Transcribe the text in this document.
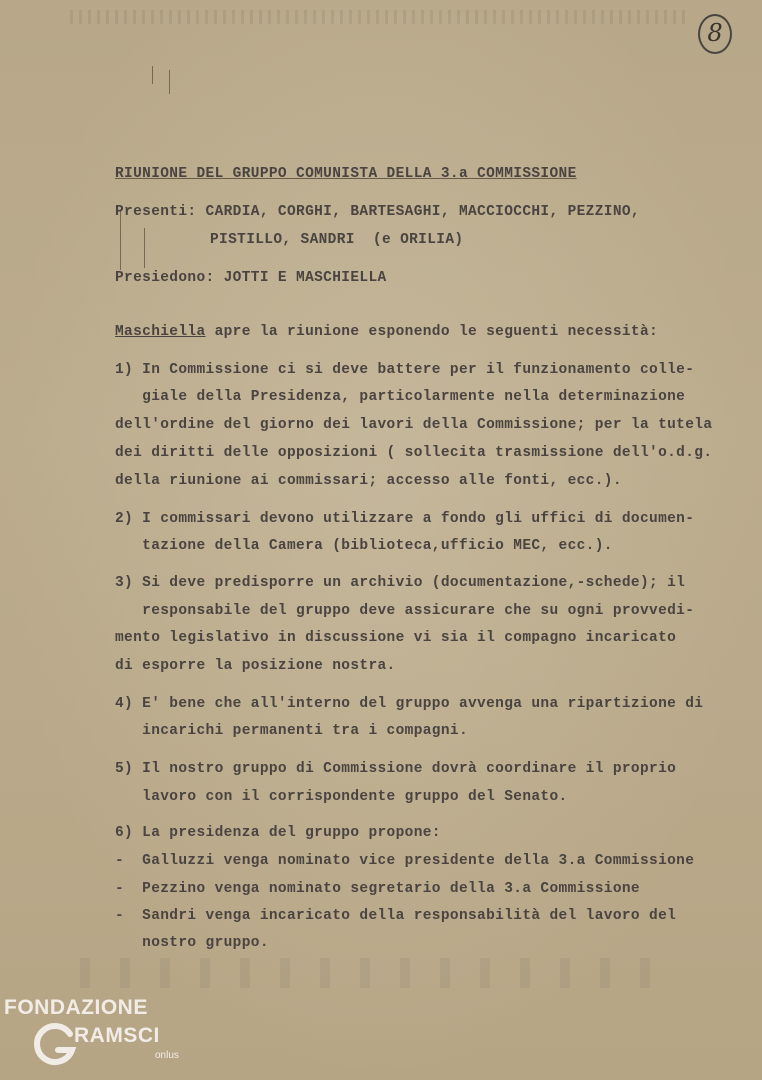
8
RIUNIONE DEL GRUPPO COMUNISTA DELLA 3.a COMMISSIONE
Presenti: CARDIA, CORGHI, BARTESAGHI, MACCIOCCHI, PEZZINO,
PISTILLO, SANDRI  (e ORILIA)
Presiedono: JOTTI E MASCHIELLA
Maschiella apre la riunione esponendo le seguenti necessità:
1) In Commissione ci si deve battere per il funzionamento colle-
giale della Presidenza, particolarmente nella determinazione
dell'ordine del giorno dei lavori della Commissione; per la tutela
dei diritti delle opposizioni ( sollecita trasmissione dell'o.d.g.
della riunione ai commissari; accesso alle fonti, ecc.).
2) I commissari devono utilizzare a fondo gli uffici di documen-
tazione della Camera (biblioteca,ufficio MEC, ecc.).
3) Si deve predisporre un archivio (documentazione,-schede); il
responsabile del gruppo deve assicurare che su ogni provvedi-
mento legislativo in discussione vi sia il compagno incaricato
di esporre la posizione nostra.
4) E' bene che all'interno del gruppo avvenga una ripartizione di
incarichi permanenti tra i compagni.
5) Il nostro gruppo di Commissione dovrà coordinare il proprio
lavoro con il corrispondente gruppo del Senato.
6) La presidenza del gruppo propone:
-  Galluzzi venga nominato vice presidente della 3.a Commissione
-  Pezzino venga nominato segretario della 3.a Commissione
-  Sandri venga incaricato della responsabilità del lavoro del
nostro gruppo.
FONDAZIONE
RAMSCI
onlus
